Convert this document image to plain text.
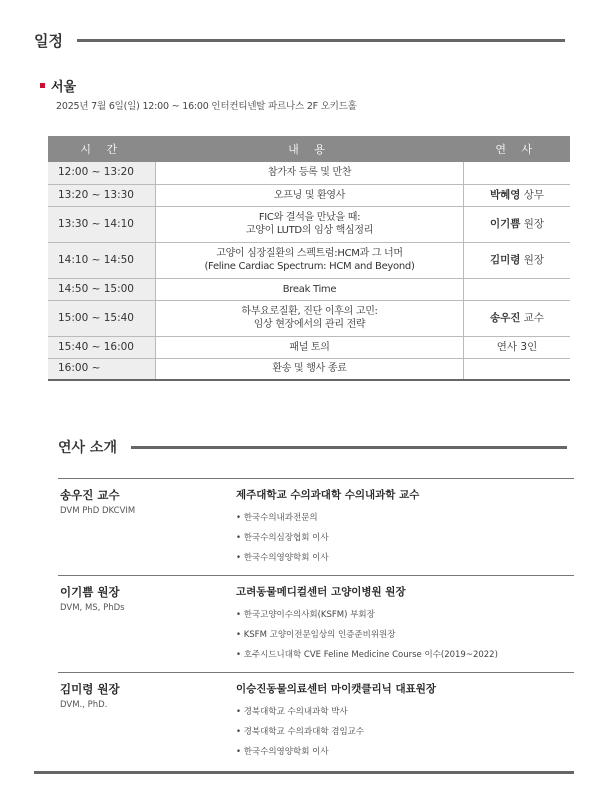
일정
서울
2025년 7월 6일(일) 12:00 ~ 16:00 인터컨티넨탈 파르나스 2F 오키드홀
시 간	내 용	연 사
12:00 ~ 13:20	참가자 등록 및 만찬	

13:20 ~ 13:30	오프닝 및 환영사	박혜영 상무
13:30 ~ 14:10	FIC와 결석을 만났을 때:
고양이 LUTD의 임상 핵심정리	이기쁨 원장
14:10 ~ 14:50	고양이 심장질환의 스펙트럼:HCM과 그 너머
(Feline Cardiac Spectrum: HCM and Beyond)	김미령 원장
14:50 ~ 15:00	Break Time	

15:00 ~ 15:40	하부요로질환, 진단 이후의 고민:
임상 현장에서의 관리 전략	송우진 교수
15:40 ~ 16:00	패널 토의	연사 3인
16:00 ~	환송 및 행사 종료	

연사 소개
송우진 교수
DVM PhD DKCVIM
제주대학교 수의과대학 수의내과학 교수
• 한국수의내과전문의
• 한국수의심장협회 이사
• 한국수의영양학회 이사
이기쁨 원장
DVM, MS, PhDs
고려동물메디컬센터 고양이병원 원장
• 한국고양이수의사회(KSFM) 부회장
• KSFM 고양이전문임상의 인증준비위원장
• 호주시드니대학 CVE Feline Medicine Course 이수(2019~2022)
김미령 원장
DVM., PhD.
이승진동물의료센터 마이캣클리닉 대표원장
• 경북대학교 수의내과학 박사
• 경북대학교 수의과대학 겸임교수
• 한국수의영양학회 이사
